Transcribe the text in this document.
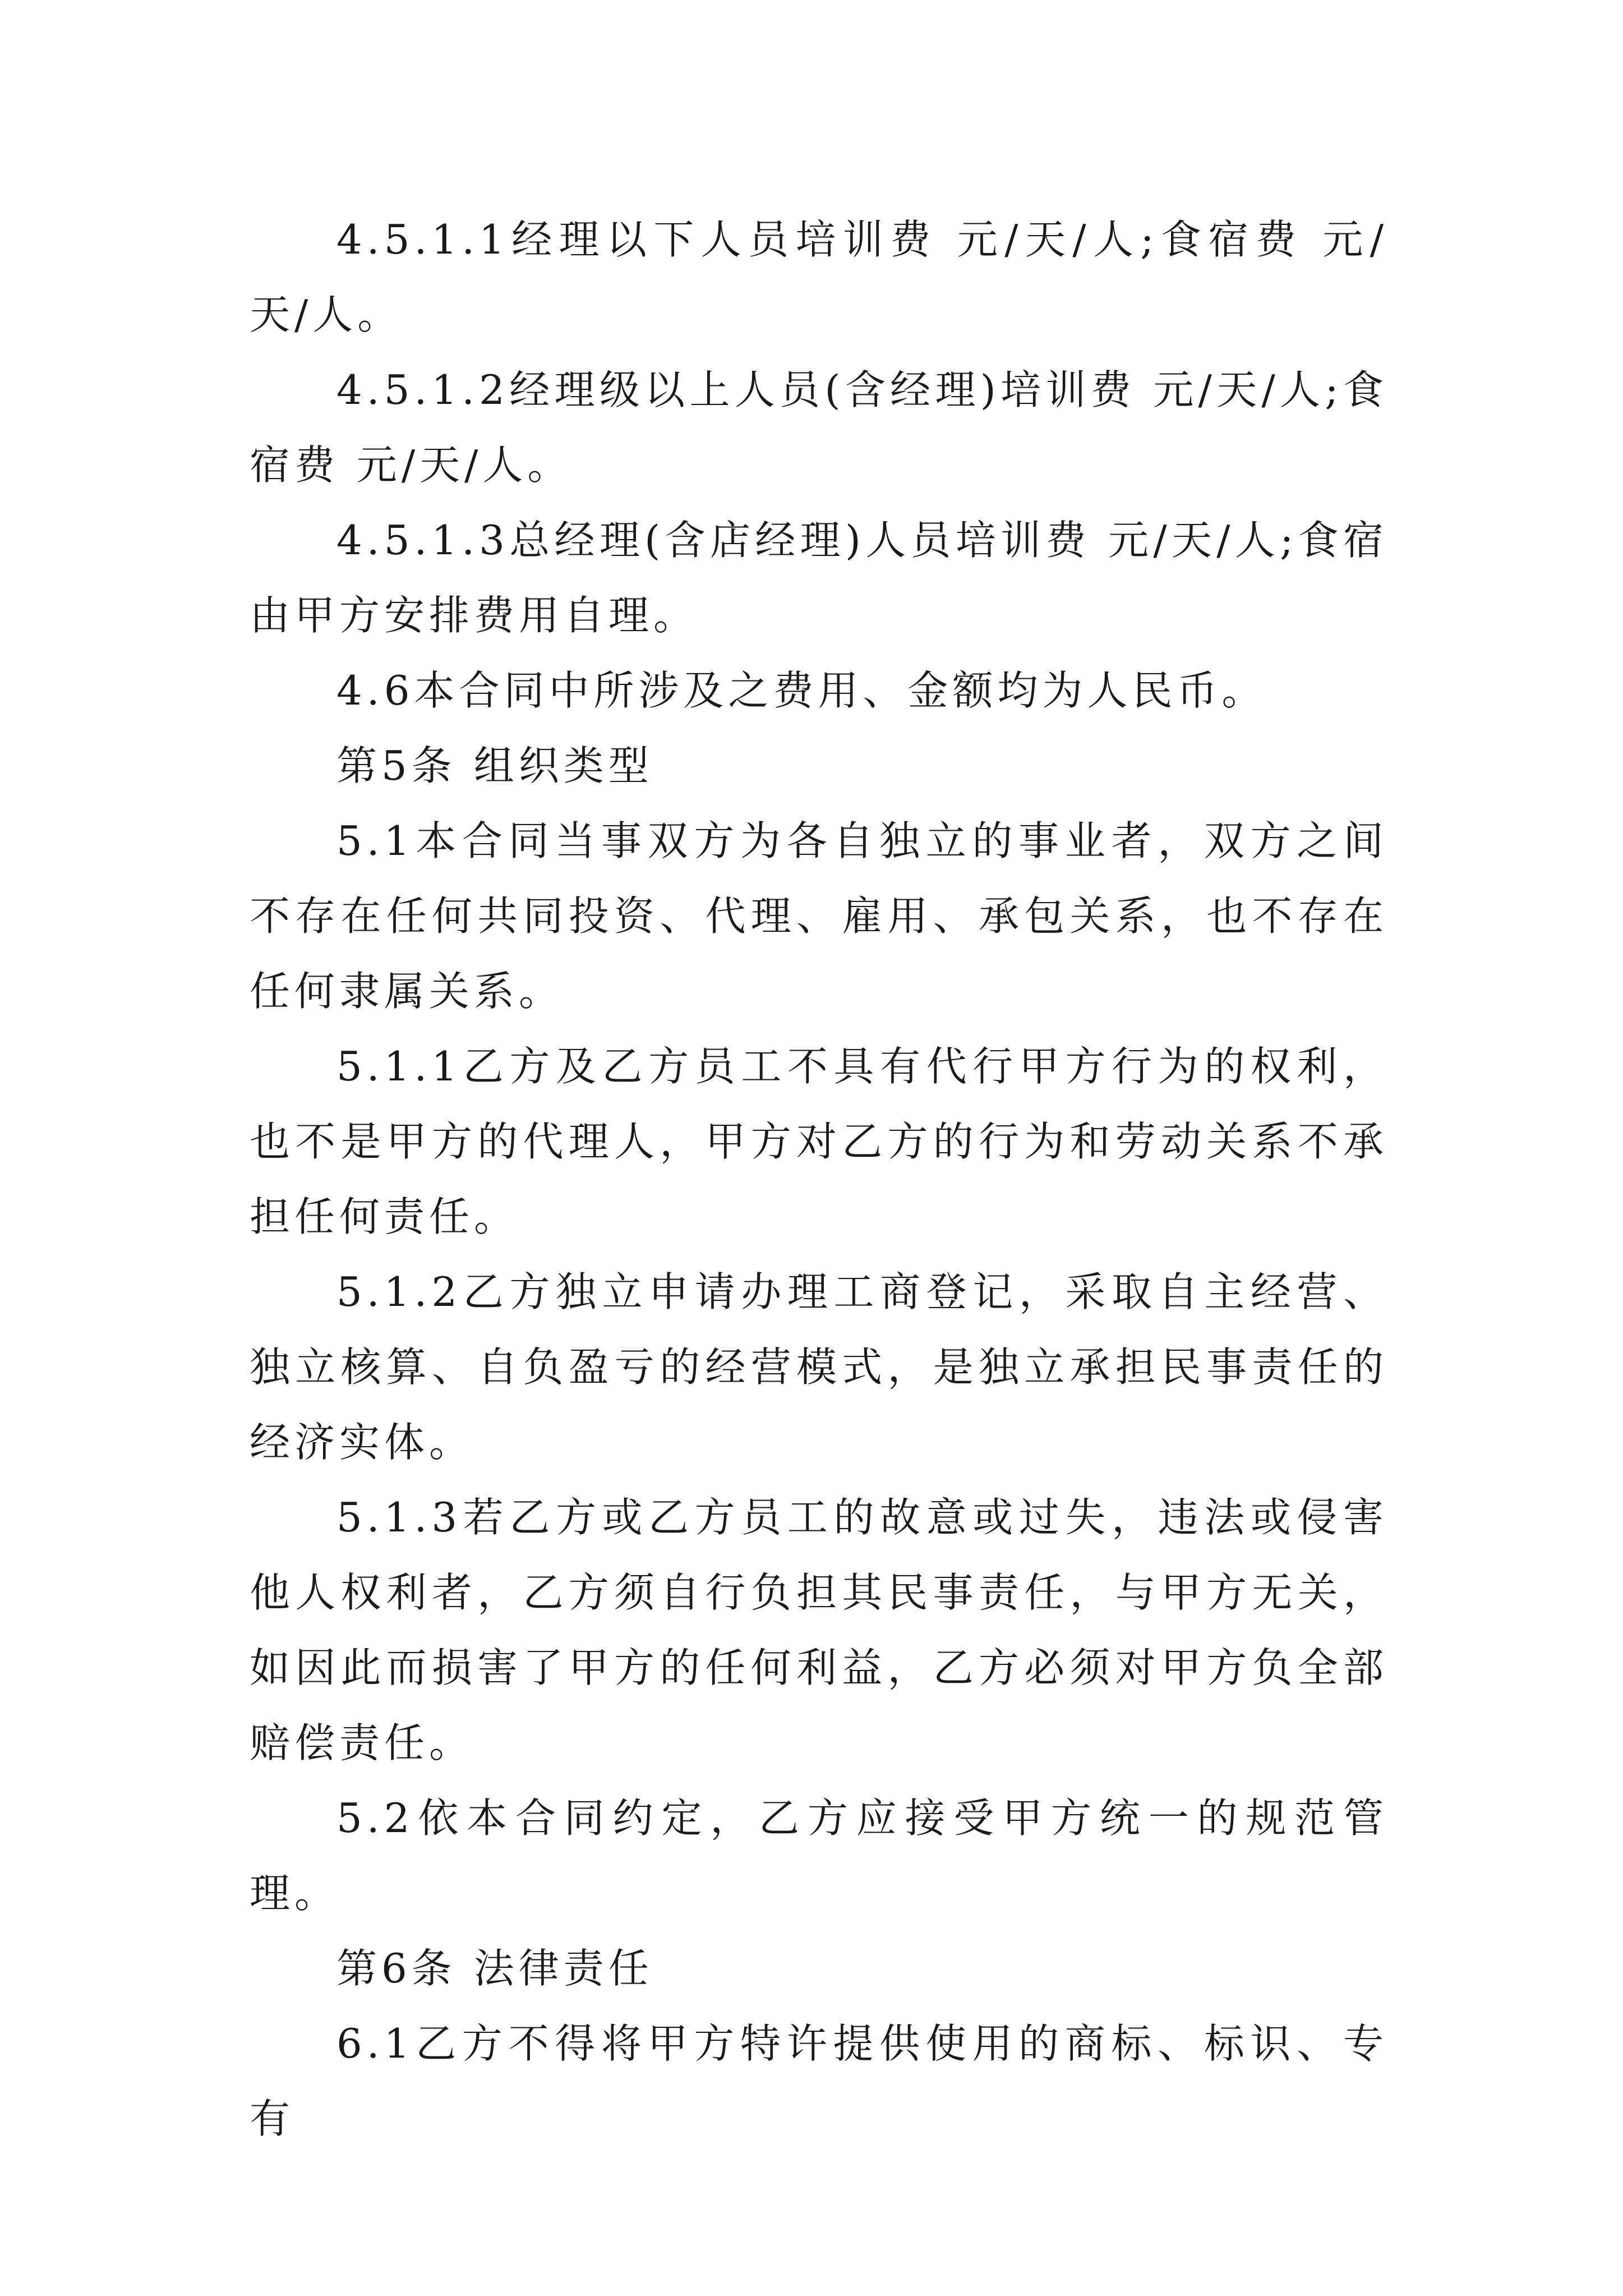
4.5.1.1经理以下人员培训费 元/天/人;食宿费 元/天/人。

4.5.1.2经理级以上人员(含经理)培训费 元/天/人;食宿费 元/天/人。

4.5.1.3总经理(含店经理)人员培训费 元/天/人;食宿由甲方安排费用自理。

4.6本合同中所涉及之费用、金额均为人民币。

第5条 组织类型

5.1本合同当事双方为各自独立的事业者，双方之间不存在任何共同投资、代理、雇用、承包关系，也不存在任何隶属关系。

5.1.1乙方及乙方员工不具有代行甲方行为的权利，也不是甲方的代理人，甲方对乙方的行为和劳动关系不承担任何责任。

5.1.2乙方独立申请办理工商登记，采取自主经营、独立核算、自负盈亏的经营模式，是独立承担民事责任的经济实体。

5.1.3若乙方或乙方员工的故意或过失，违法或侵害他人权利者，乙方须自行负担其民事责任，与甲方无关，如因此而损害了甲方的任何利益，乙方必须对甲方负全部赔偿责任。

5.2依本合同约定，乙方应接受甲方统一的规范管理。

第6条 法律责任

6.1乙方不得将甲方特许提供使用的商标、标识、专有
